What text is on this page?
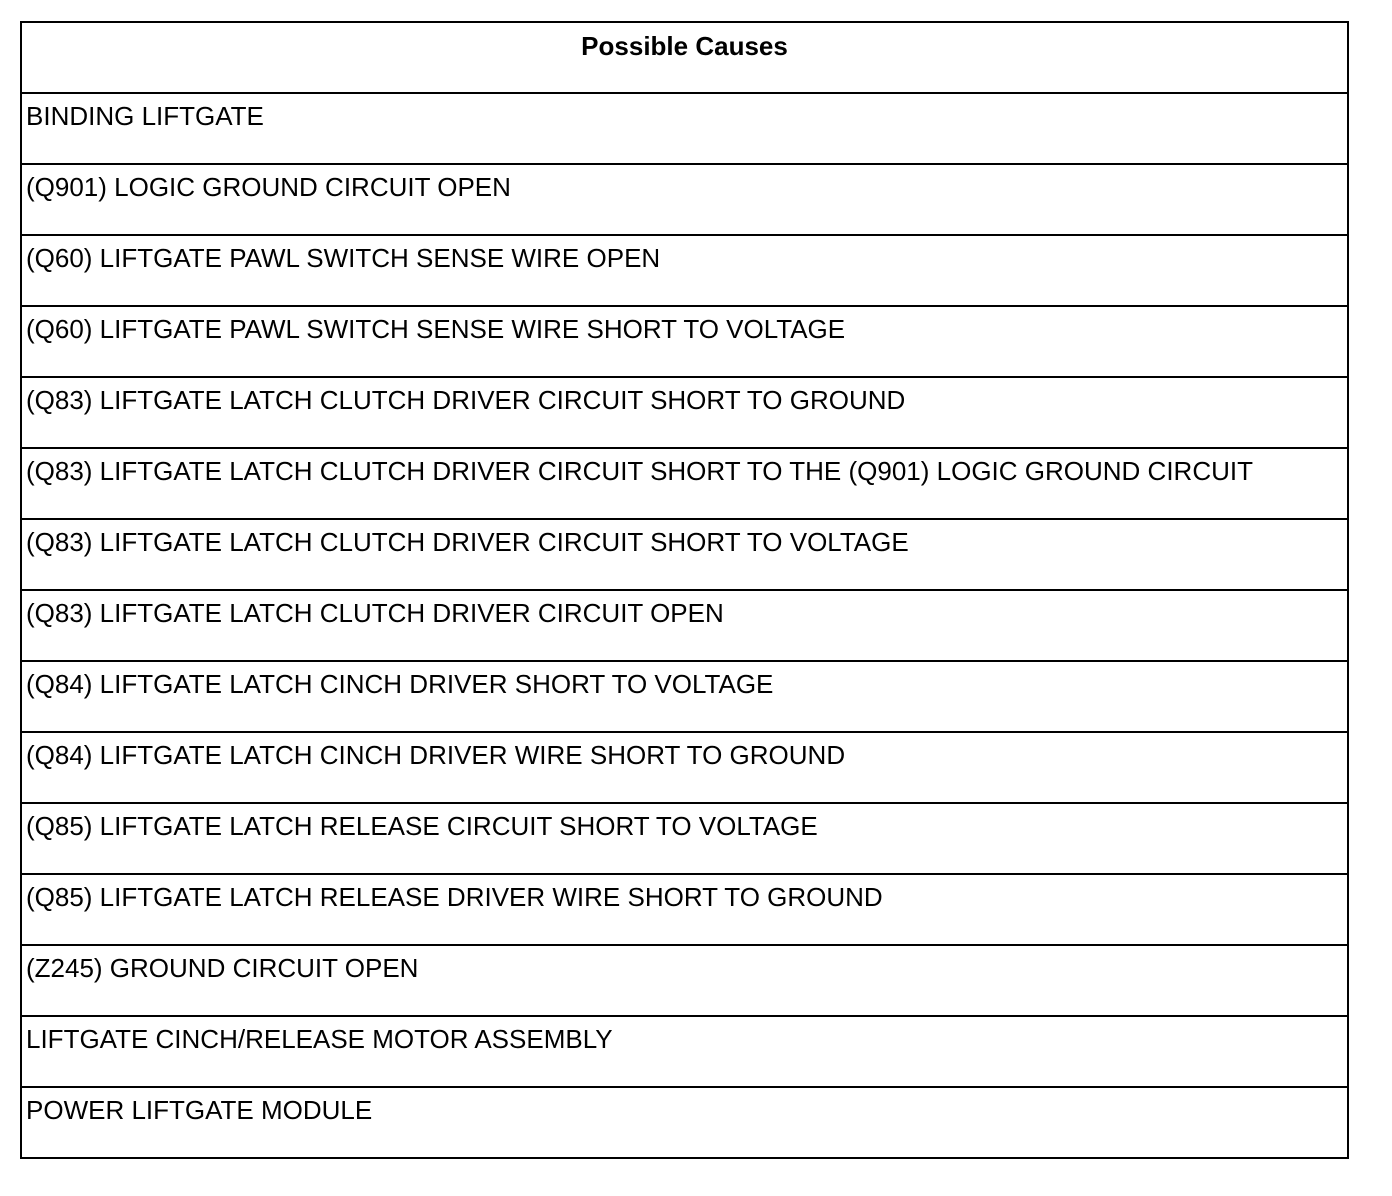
Possible Causes
BINDING LIFTGATE
(Q901) LOGIC GROUND CIRCUIT OPEN
(Q60) LIFTGATE PAWL SWITCH SENSE WIRE OPEN
(Q60) LIFTGATE PAWL SWITCH SENSE WIRE SHORT TO VOLTAGE
(Q83) LIFTGATE LATCH CLUTCH DRIVER CIRCUIT SHORT TO GROUND
(Q83) LIFTGATE LATCH CLUTCH DRIVER CIRCUIT SHORT TO THE (Q901) LOGIC GROUND CIRCUIT
(Q83) LIFTGATE LATCH CLUTCH DRIVER CIRCUIT SHORT TO VOLTAGE
(Q83) LIFTGATE LATCH CLUTCH DRIVER CIRCUIT OPEN
(Q84) LIFTGATE LATCH CINCH DRIVER SHORT TO VOLTAGE
(Q84) LIFTGATE LATCH CINCH DRIVER WIRE SHORT TO GROUND
(Q85) LIFTGATE LATCH RELEASE CIRCUIT SHORT TO VOLTAGE
(Q85) LIFTGATE LATCH RELEASE DRIVER WIRE SHORT TO GROUND
(Z245) GROUND CIRCUIT OPEN
LIFTGATE CINCH/RELEASE MOTOR ASSEMBLY
POWER LIFTGATE MODULE
